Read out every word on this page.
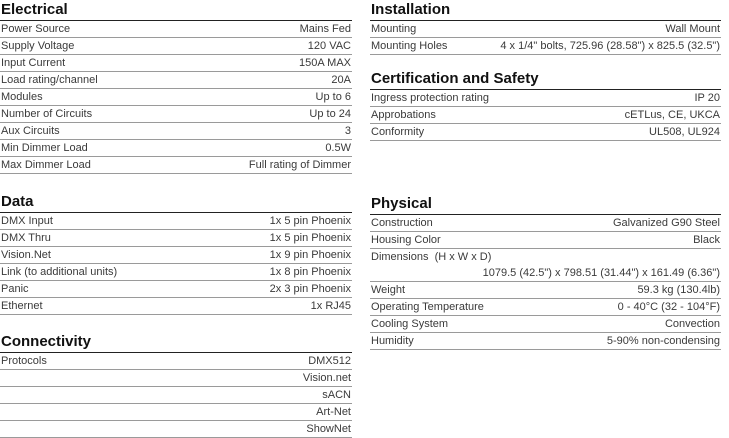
Electrical
Power Source	Mains Fed
Supply Voltage	120 VAC
Input Current	150A MAX
Load rating/channel	20A
Modules	Up to 6
Number of Circuits	Up to 24
Aux Circuits	3
Min Dimmer Load	0.5W
Max Dimmer Load	Full rating of Dimmer
Data
DMX Input	1x 5 pin Phoenix
DMX Thru	1x 5 pin Phoenix
Vision.Net	1x 9 pin Phoenix
Link (to additional units)	1x 8 pin Phoenix
Panic	2x 3 pin Phoenix
Ethernet	1x RJ45
Connectivity
Protocols	DMX512
Vision.net
sACN
Art-Net
ShowNet
Installation
Mounting	Wall Mount
Mounting Holes	4 x 1/4" bolts, 725.96 (28.58") x 825.5 (32.5")
Certification and Safety
Ingress protection rating	IP 20
Approbations	cETLus, CE, UKCA
Conformity	UL508, UL924
Physical
Construction	Galvanized G90 Steel
Housing Color	Black
Dimensions  (H x W x D)
1079.5 (42.5") x 798.51 (31.44") x 161.49 (6.36")
Weight	59.3 kg (130.4lb)
Operating Temperature	0 - 40°C (32 - 104°F)
Cooling System	Convection
Humidity	5-90% non-condensing
